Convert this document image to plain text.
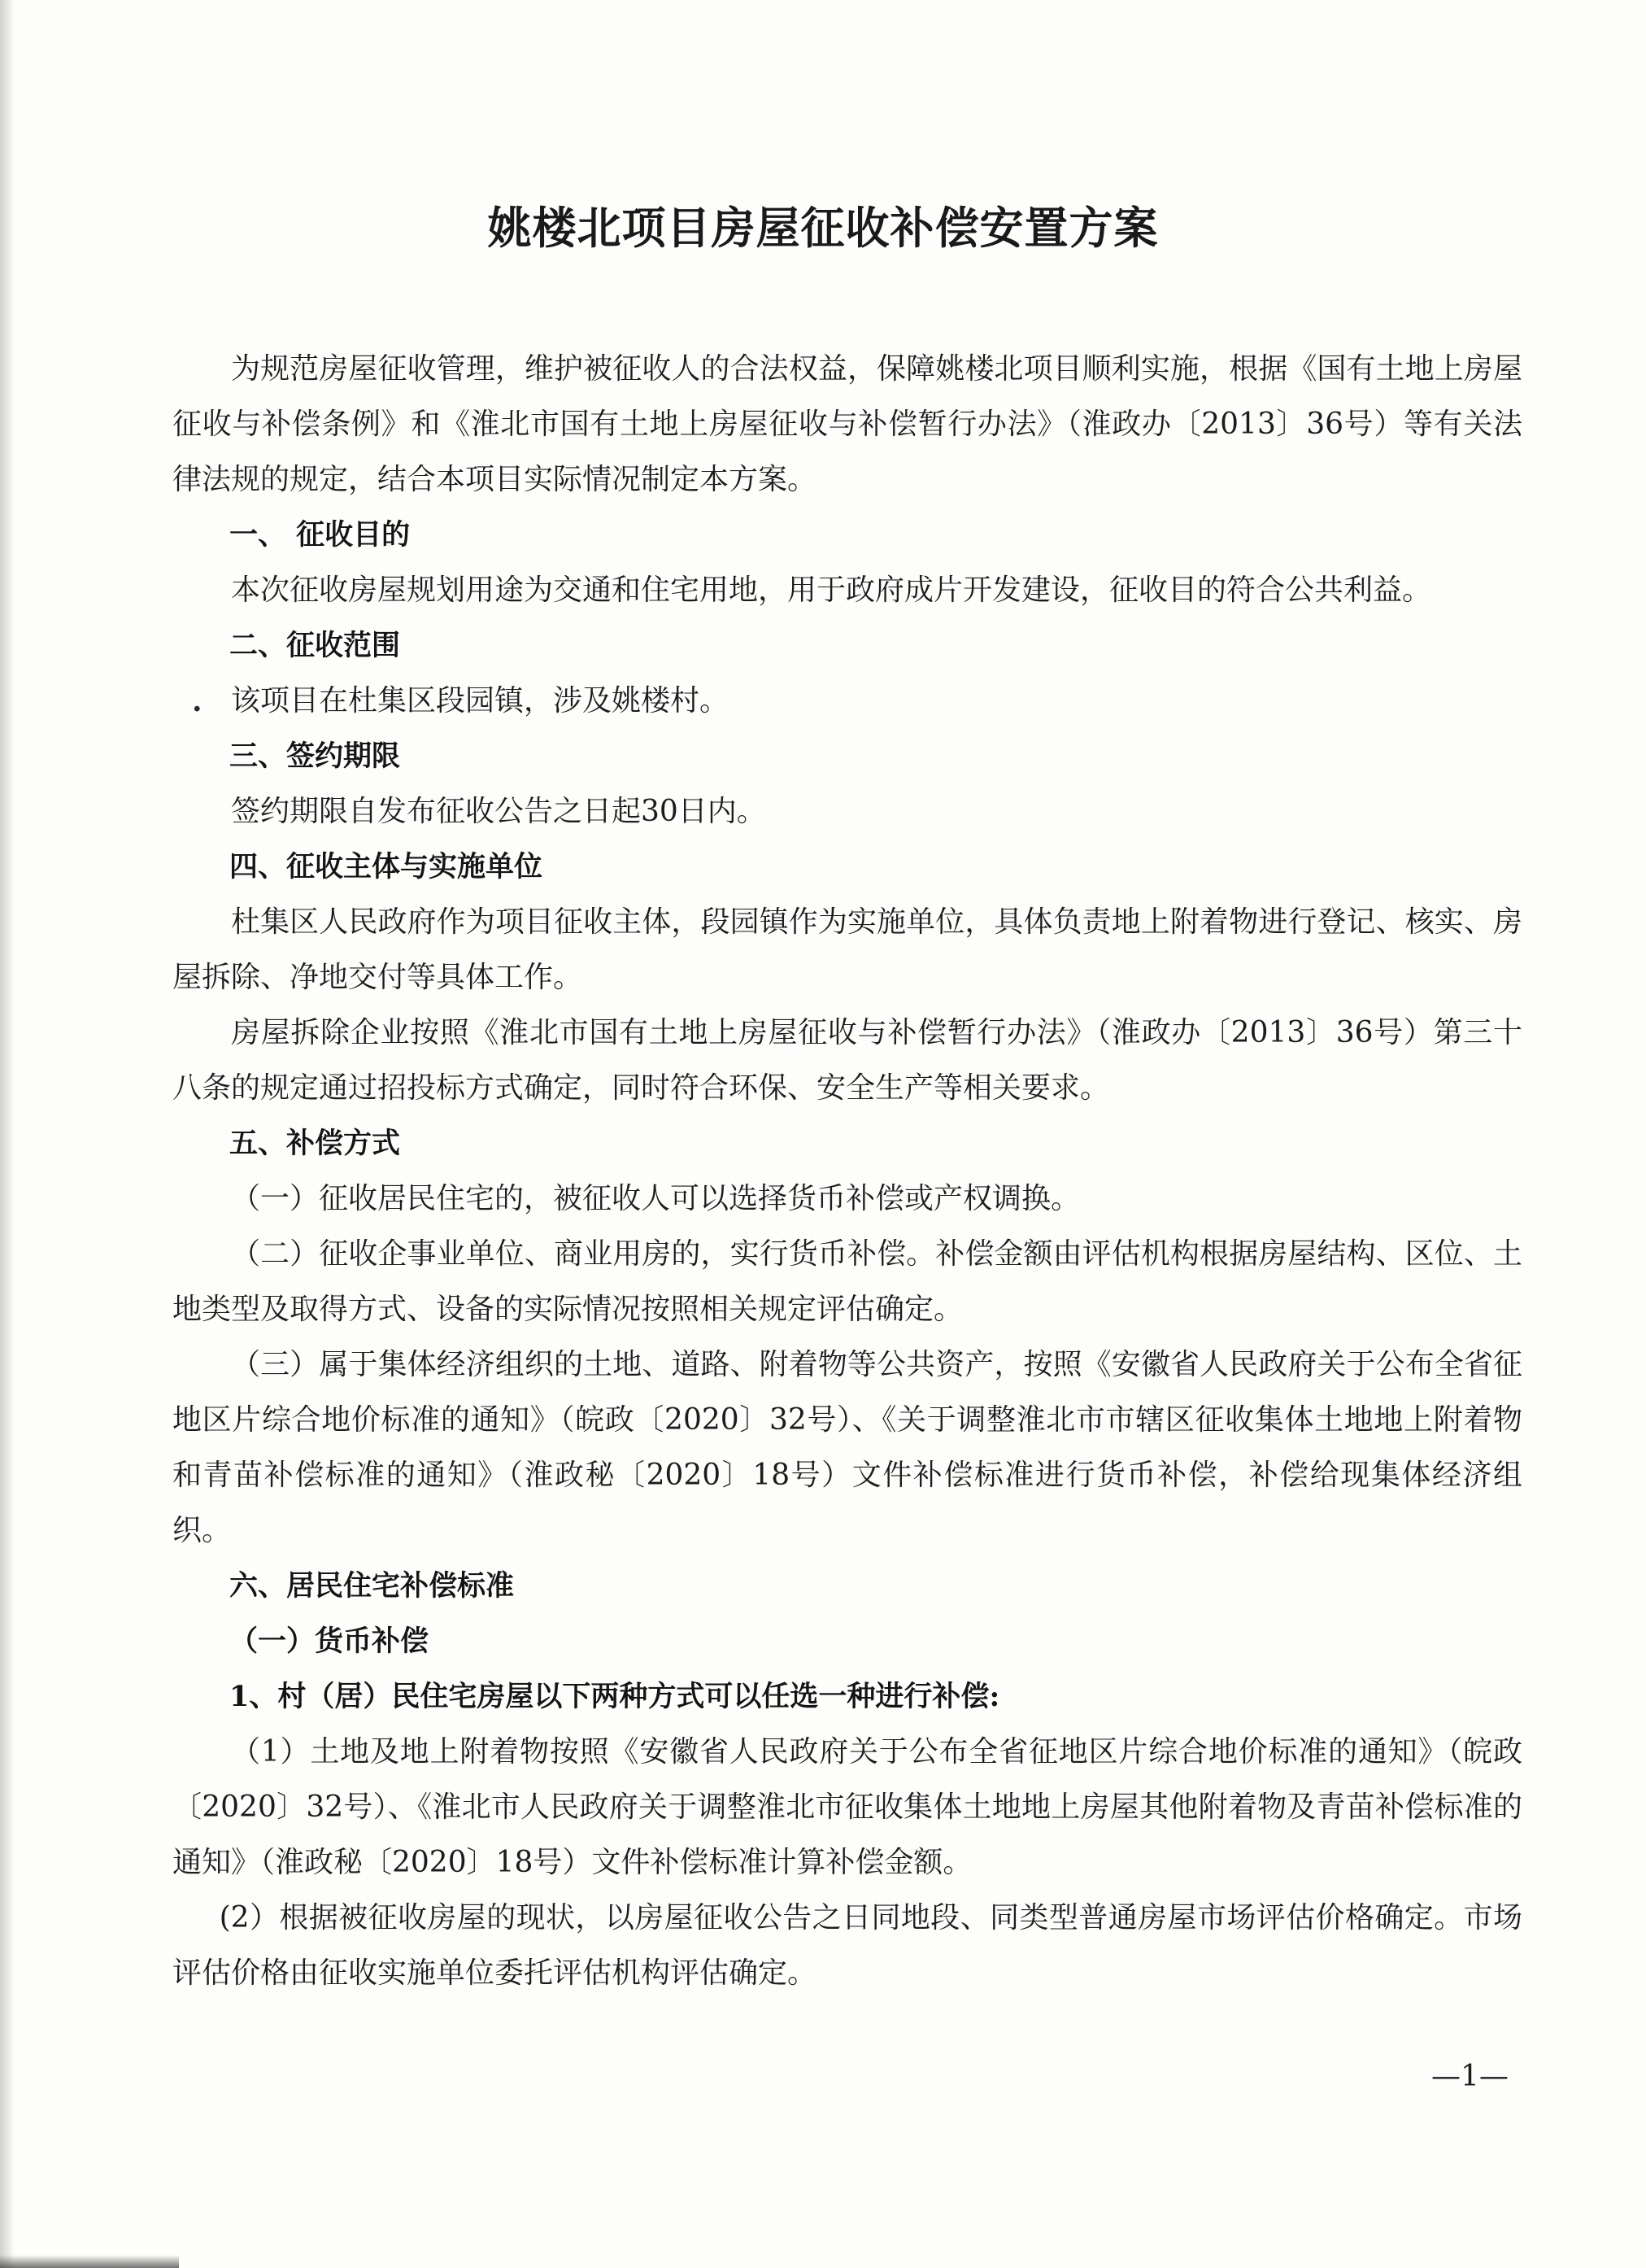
姚楼北项目房屋征收补偿安置方案

为规范房屋征收管理，维护被征收人的合法权益，保障姚楼北项目顺利实施，根据《国有土地上房屋征收与补偿条例》和《淮北市国有土地上房屋征收与补偿暂行办法》（淮政办〔2013〕36号）等有关法律法规的规定，结合本项目实际情况制定本方案。

一、 征收目的

本次征收房屋规划用途为交通和住宅用地，用于政府成片开发建设，征收目的符合公共利益。

二、征收范围

. 该项目在杜集区段园镇，涉及姚楼村。

三、签约期限

签约期限自发布征收公告之日起30日内。

四、征收主体与实施单位

杜集区人民政府作为项目征收主体，段园镇作为实施单位，具体负责地上附着物进行登记、核实、房屋拆除、净地交付等具体工作。

房屋拆除企业按照《淮北市国有土地上房屋征收与补偿暂行办法》（淮政办〔2013〕36号）第三十八条的规定通过招投标方式确定，同时符合环保、安全生产等相关要求。

五、补偿方式

（一）征收居民住宅的，被征收人可以选择货币补偿或产权调换。

（二）征收企事业单位、商业用房的，实行货币补偿。补偿金额由评估机构根据房屋结构、区位、土地类型及取得方式、设备的实际情况按照相关规定评估确定。

（三）属于集体经济组织的土地、道路、附着物等公共资产，按照《安徽省人民政府关于公布全省征地区片综合地价标准的通知》（皖政〔2020〕32号）、《关于调整淮北市市辖区征收集体土地地上附着物和青苗补偿标准的通知》（淮政秘〔2020〕18号）文件补偿标准进行货币补偿，补偿给现集体经济组织。

六、居民住宅补偿标准

（一）货币补偿

1、村（居）民住宅房屋以下两种方式可以任选一种进行补偿:

（1）土地及地上附着物按照《安徽省人民政府关于公布全省征地区片综合地价标准的通知》（皖政〔2020〕32号）、《淮北市人民政府关于调整淮北市征收集体土地地上房屋其他附着物及青苗补偿标准的通知》（淮政秘〔2020〕18号）文件补偿标准计算补偿金额。

(2）根据被征收房屋的现状，以房屋征收公告之日同地段、同类型普通房屋市场评估价格确定。市场评估价格由征收实施单位委托评估机构评估确定。

—1—
